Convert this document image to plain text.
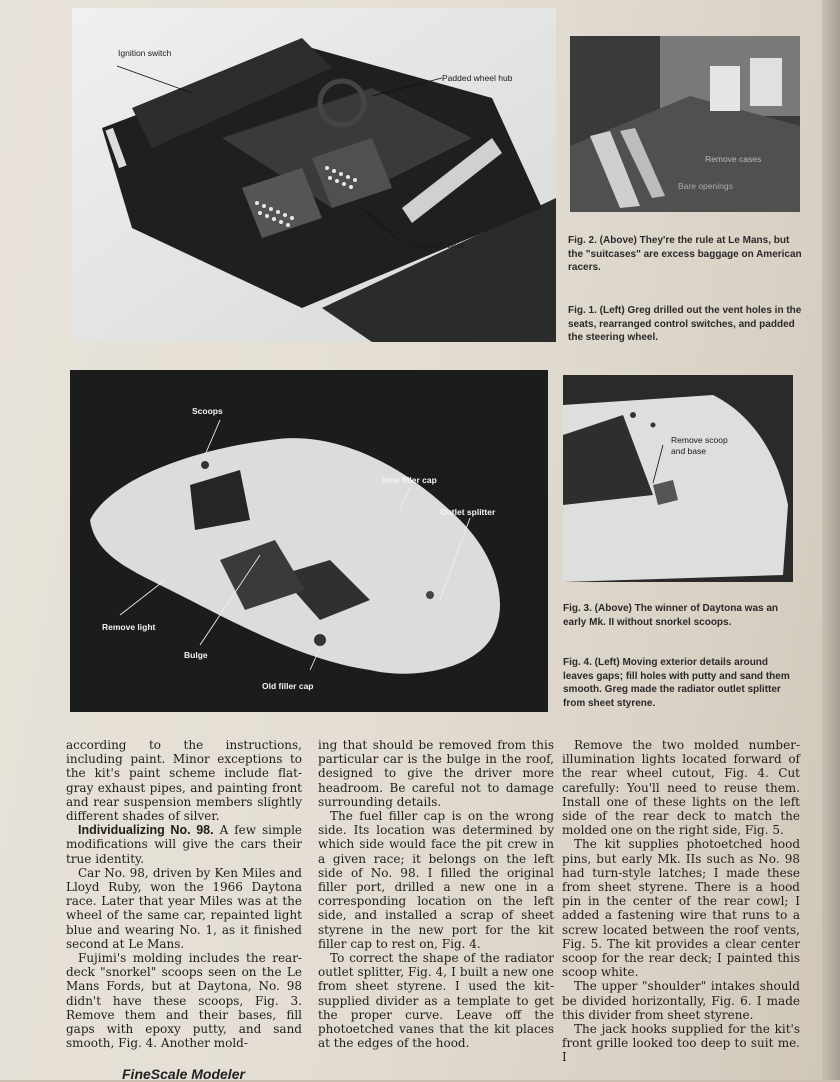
Ignition switch
Padded wheel hub
Reworked seat
Remove cases
Bare openings

Fig. 2. (Above) They're the rule at Le Mans, but the "suitcases" are excess baggage on American racers.

Fig. 1. (Left) Greg drilled out the vent holes in the seats, rearranged control switches, and padded the steering wheel.

Scoops
New filler cap
Outlet splitter
Remove light
Bulge
Old filler cap
Remove scoop
and base

Fig. 3. (Above) The winner of Daytona was an early Mk. II without snorkel scoops.

Fig. 4. (Left) Moving exterior details around leaves gaps; fill holes with putty and sand them smooth. Greg made the radiator outlet splitter from sheet styrene.

according to the instructions, including paint. Minor exceptions to the kit's paint scheme include flat-gray exhaust pipes, and painting front and rear suspension members slightly different shades of silver.

Individualizing No. 98. A few simple modifications will give the cars their true identity.

Car No. 98, driven by Ken Miles and Lloyd Ruby, won the 1966 Daytona race. Later that year Miles was at the wheel of the same car, repainted light blue and wearing No. 1, as it finished second at Le Mans.

Fujimi's molding includes the rear-deck "snorkel" scoops seen on the Le Mans Fords, but at Daytona, No. 98 didn't have these scoops, Fig. 3. Remove them and their bases, fill gaps with epoxy putty, and sand smooth, Fig. 4. Another mold-

ing that should be removed from this particular car is the bulge in the roof, designed to give the driver more headroom. Be careful not to damage surrounding details.

The fuel filler cap is on the wrong side. Its location was determined by which side would face the pit crew in a given race; it belongs on the left side of No. 98. I filled the original filler port, drilled a new one in a corresponding location on the left side, and installed a scrap of sheet styrene in the new port for the kit filler cap to rest on, Fig. 4.

To correct the shape of the radiator outlet splitter, Fig. 4, I built a new one from sheet styrene. I used the kit-supplied divider as a template to get the proper curve. Leave off the photoetched vanes that the kit places at the edges of the hood.

Remove the two molded number-illumination lights located forward of the rear wheel cutout, Fig. 4. Cut carefully: You'll need to reuse them. Install one of these lights on the left side of the rear deck to match the molded one on the right side, Fig. 5.

The kit supplies photoetched hood pins, but early Mk. IIs such as No. 98 had turn-style latches; I made these from sheet styrene. There is a hood pin in the center of the rear cowl; I added a fastening wire that runs to a screw located between the roof vents, Fig. 5. The kit provides a clear center scoop for the rear deck; I painted this scoop white.

The upper "shoulder" intakes should be divided horizontally, Fig. 6. I made this divider from sheet styrene.

The jack hooks supplied for the kit's front grille looked too deep to suit me. I

FineScale Modeler
